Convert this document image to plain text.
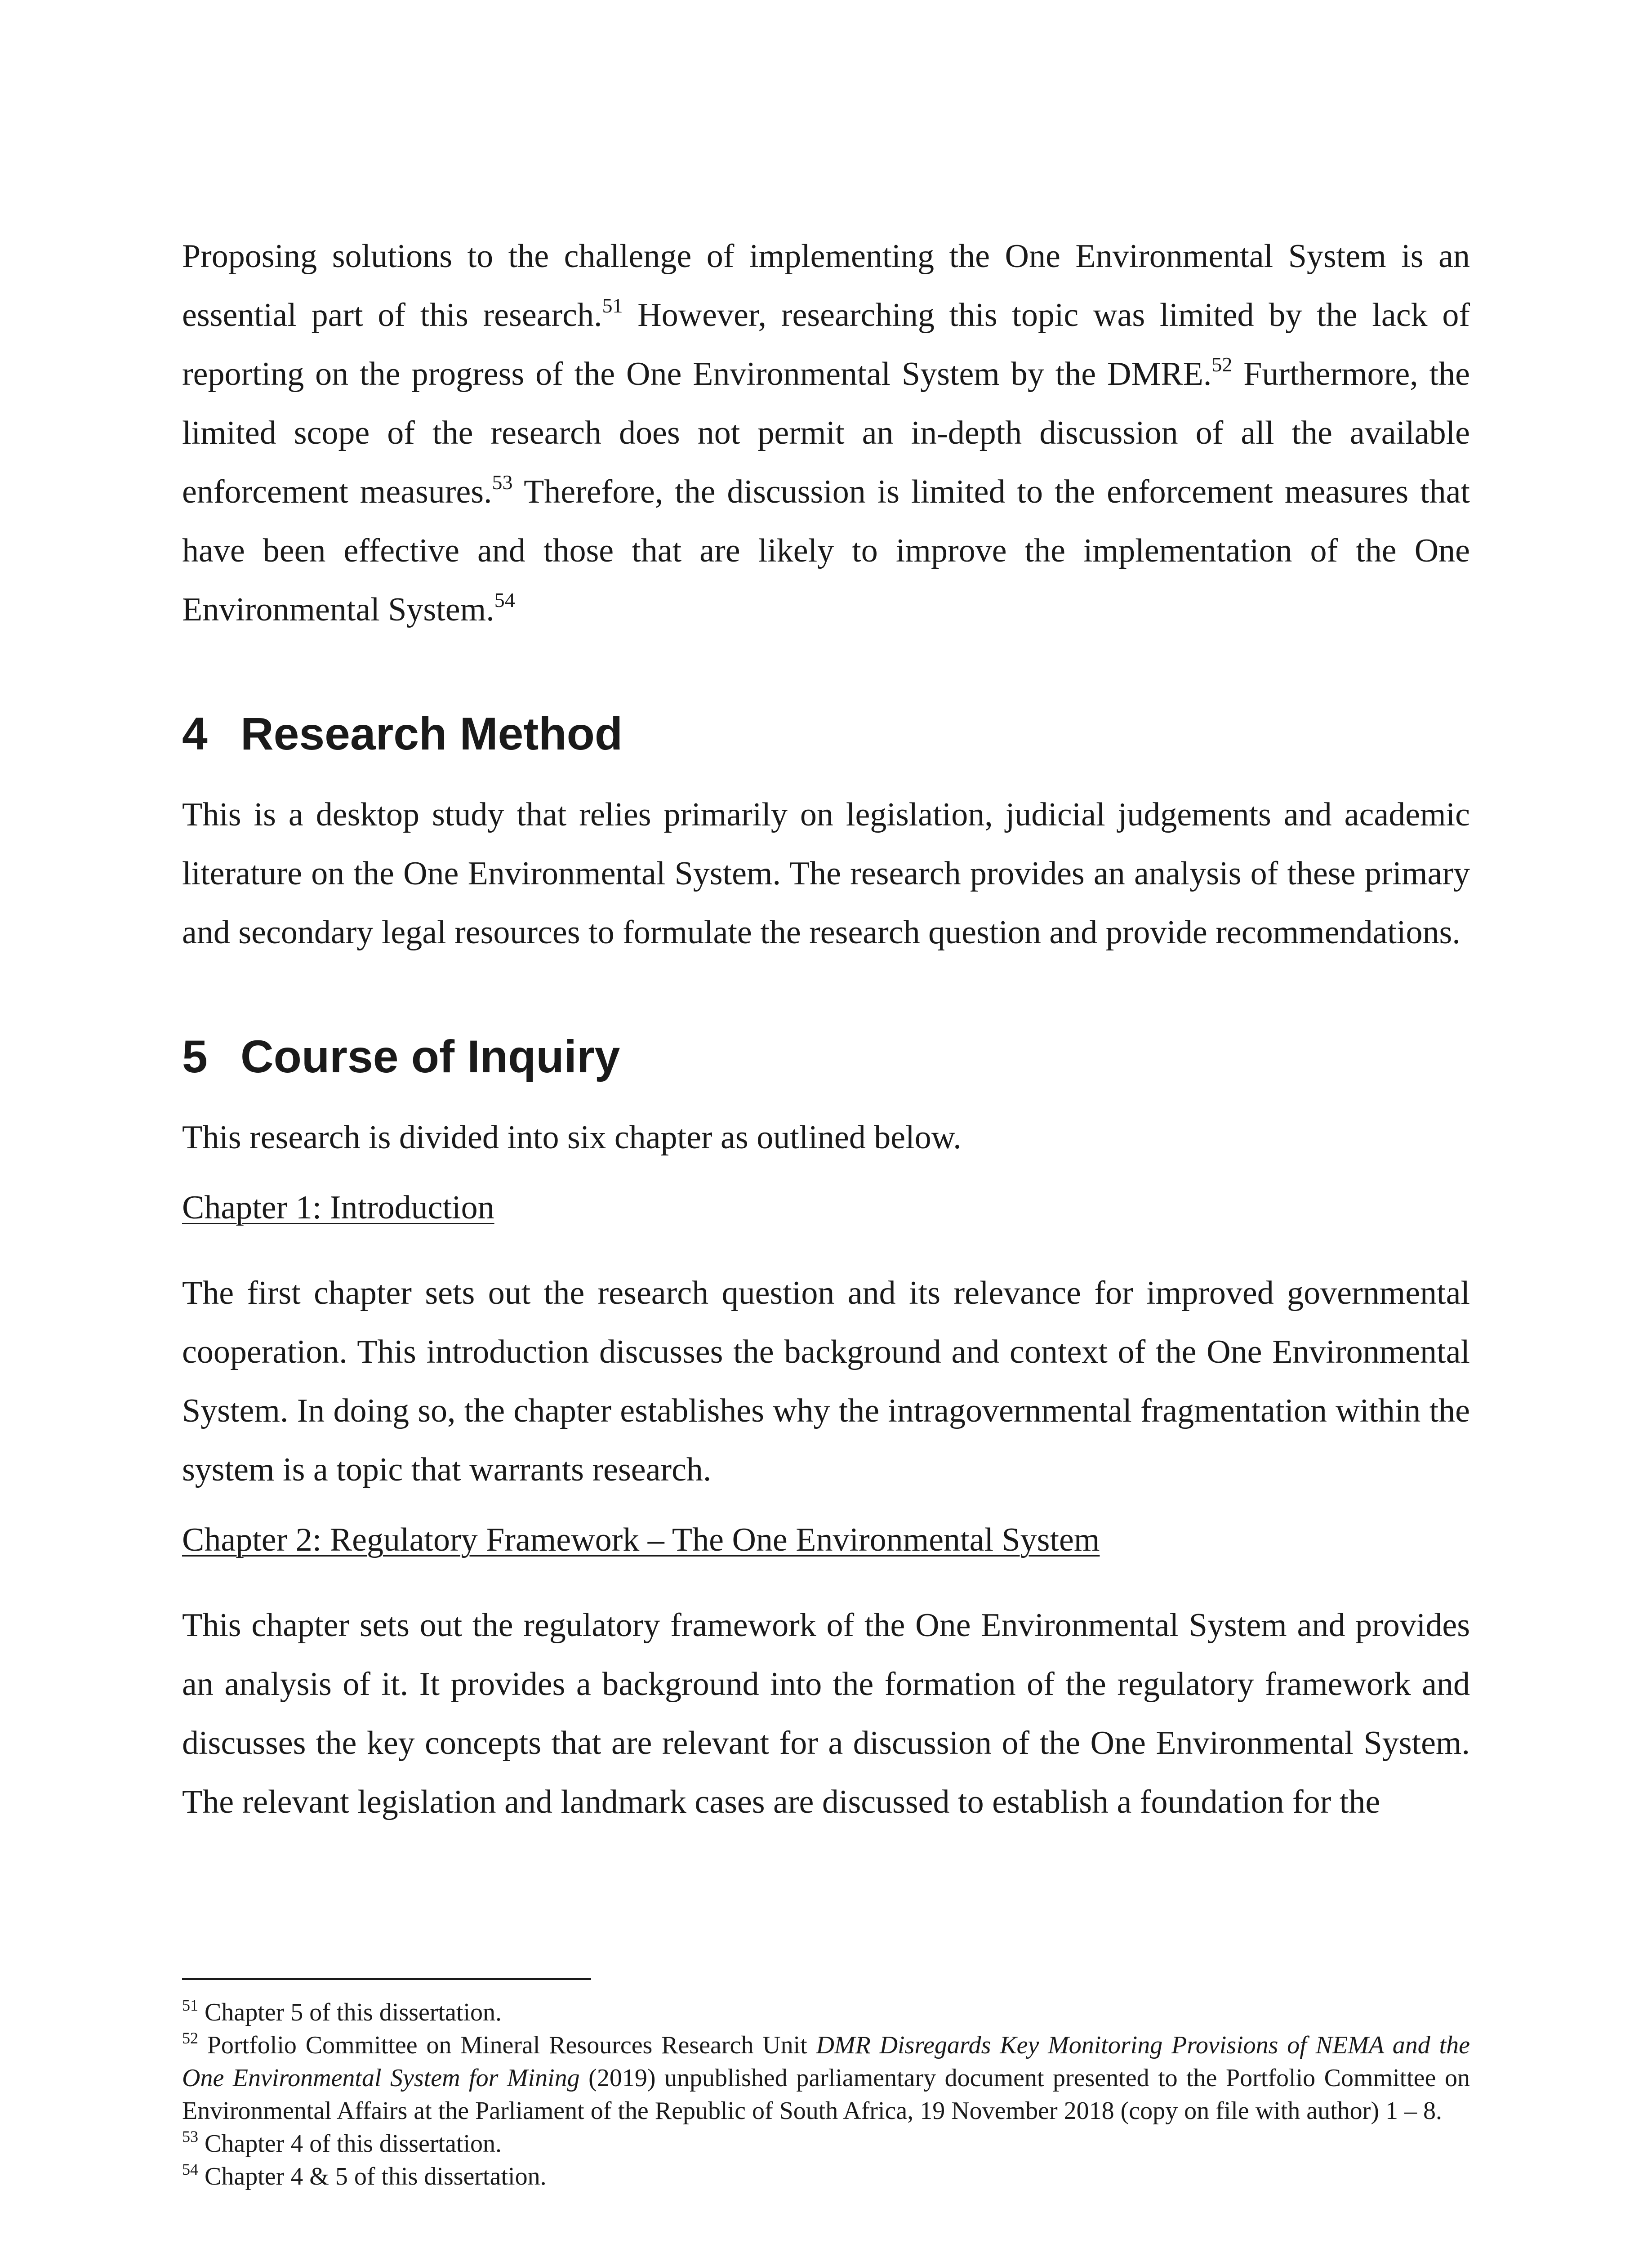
Proposing solutions to the challenge of implementing the One Environmental System is an essential part of this research.$^{51}$ However, researching this topic was limited by the lack of reporting on the progress of the One Environmental System by the DMRE.$^{52}$ Furthermore, the limited scope of the research does not permit an in-depth discussion of all the available enforcement measures.$^{53}$ Therefore, the discussion is limited to the enforcement measures that have been effective and those that are likely to improve the implementation of the One Environmental System.$^{54}$

4 Research Method

This is a desktop study that relies primarily on legislation, judicial judgements and academic literature on the One Environmental System. The research provides an analysis of these primary and secondary legal resources to formulate the research question and provide recommendations.

5 Course of Inquiry

This research is divided into six chapter as outlined below.

Chapter 1: Introduction

The first chapter sets out the research question and its relevance for improved governmental cooperation. This introduction discusses the background and context of the One Environmental System. In doing so, the chapter establishes why the intragovernmental fragmentation within the system is a topic that warrants research.

Chapter 2: Regulatory Framework – The One Environmental System

This chapter sets out the regulatory framework of the One Environmental System and provides an analysis of it. It provides a background into the formation of the regulatory framework and discusses the key concepts that are relevant for a discussion of the One Environmental System. The relevant legislation and landmark cases are discussed to establish a foundation for the

$^{51}$ Chapter 5 of this dissertation.

$^{52}$ Portfolio Committee on Mineral Resources Research Unit DMR Disregards Key Monitoring Provisions of NEMA and the One Environmental System for Mining (2019) unpublished parliamentary document presented to the Portfolio Committee on Environmental Affairs at the Parliament of the Republic of South Africa, 19 November 2018 (copy on file with author) 1 – 8.

$^{53}$ Chapter 4 of this dissertation.

$^{54}$ Chapter 4 & 5 of this dissertation.
